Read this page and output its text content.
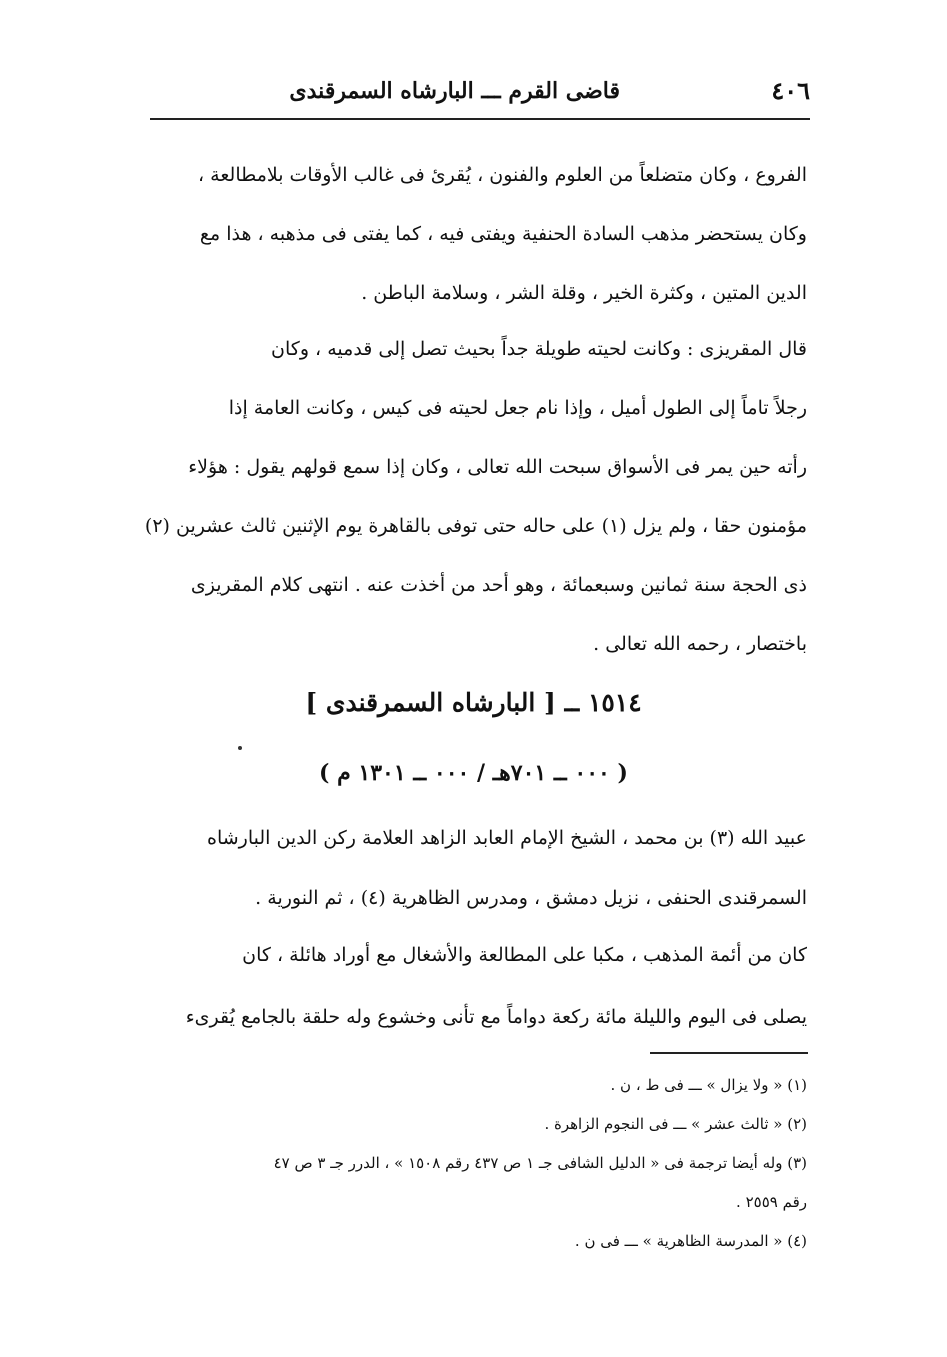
٤٠٦
قاضى القرم ـــ البارشاه السمرقندى
الفروع ، وكان متضلعاً من العلوم والفنون ، يُقرئ فى غالب الأوقات بلامطالعة ،
وكان يستحضر مذهب السادة الحنفية ويفتى فيه ، كما يفتى فى مذهبه ، هذا مع
الدين المتين ، وكثرة الخير ، وقلة الشر ، وسلامة الباطن .
قال المقريزى : وكانت لحيته طويلة جداً بحيث تصل إلى قدميه ، وكان
رجلاً تاماً إلى الطول أميل ، وإذا نام جعل لحيته فى كيس ، وكانت العامة إذا
رأته حين يمر فى الأسواق سبحت الله تعالى ، وكان إذا سمع قولهم يقول : هؤلاء
مؤمنون حقا ، ولم يزل (١) على حاله حتى توفى بالقاهرة يوم الإثنين ثالث عشرين (٢)
ذى الحجة سنة ثمانين وسبعمائة ، وهو أحد من أخذت عنه . انتهى كلام المقريزى
باختصار ، رحمه الله تعالى .
١٥١٤ ــ [ البارشاه السمرقندى ]
( ٠٠٠ ــ ٧٠١هـ / ٠٠٠ ــ ١٣٠١ م )
عبيد الله (٣) بن محمد ، الشيخ الإمام العابد الزاهد العلامة ركن الدين البارشاه
السمرقندى الحنفى ، نزيل دمشق ، ومدرس الظاهرية (٤) ، ثم النورية .
كان من أئمة المذهب ، مكبا على المطالعة والأشغال مع أوراد هائلة ، كان
يصلى فى اليوم والليلة مائة ركعة دواماً مع تأنى وخشوع وله حلقة بالجامع يُقرىء
(١) « ولا يزال » ـــ فى ط ، ن .
(٢) « ثالث عشر » ـــ فى النجوم الزاهرة .
(٣) وله أيضا ترجمة فى « الدليل الشافى جـ ١ ص ٤٣٧ رقم ١٥٠٨ » ، الدرر جـ ٣ ص ٤٧
رقم ٢٥٥٩ .
(٤) « المدرسة الظاهرية » ـــ فى ن .
